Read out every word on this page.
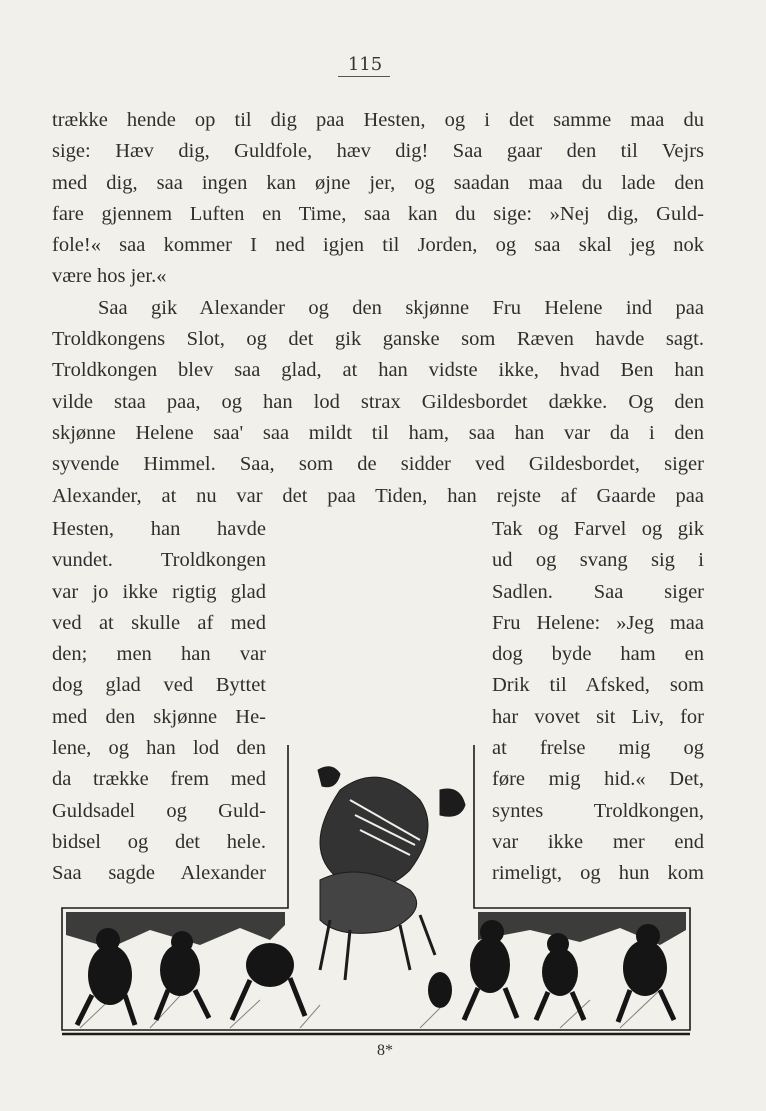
115
trække hende op til dig paa Hesten, og i det samme maa du
sige: Hæv dig, Guldfole, hæv dig! Saa gaar den til Vejrs
med dig, saa ingen kan øjne jer, og saadan maa du lade den
fare gjennem Luften en Time, saa kan du sige: »Nej dig, Guld-
fole!« saa kommer I ned igjen til Jorden, og saa skal jeg nok
være hos jer.«
Saa gik Alexander og den skjønne Fru Helene ind paa
Troldkongens Slot, og det gik ganske som Ræven havde sagt.
Troldkongen blev saa glad, at han vidste ikke, hvad Ben han
vilde staa paa, og han lod strax Gildesbordet dække. Og den
skjønne Helene saa' saa mildt til ham, saa han var da i den
syvende Himmel. Saa, som de sidder ved Gildesbordet, siger
Alexander, at nu var det paa Tiden, han rejste af Gaarde paa
Hesten, han havde
vundet. Troldkongen
var jo ikke rigtig glad
ved at skulle af med
den; men han var
dog glad ved Byttet
med den skjønne He-
lene, og han lod den
da trække frem med
Guldsadel og Guld-
bidsel og det hele.
Saa sagde Alexander
Tak og Farvel og gik
ud og svang sig i
Sadlen. Saa siger
Fru Helene: »Jeg maa
dog byde ham en
Drik til Afsked, som
har vovet sit Liv, for
at frelse mig og
føre mig hid.« Det,
syntes Troldkongen,
var ikke mer end
rimeligt, og hun kom
8*
